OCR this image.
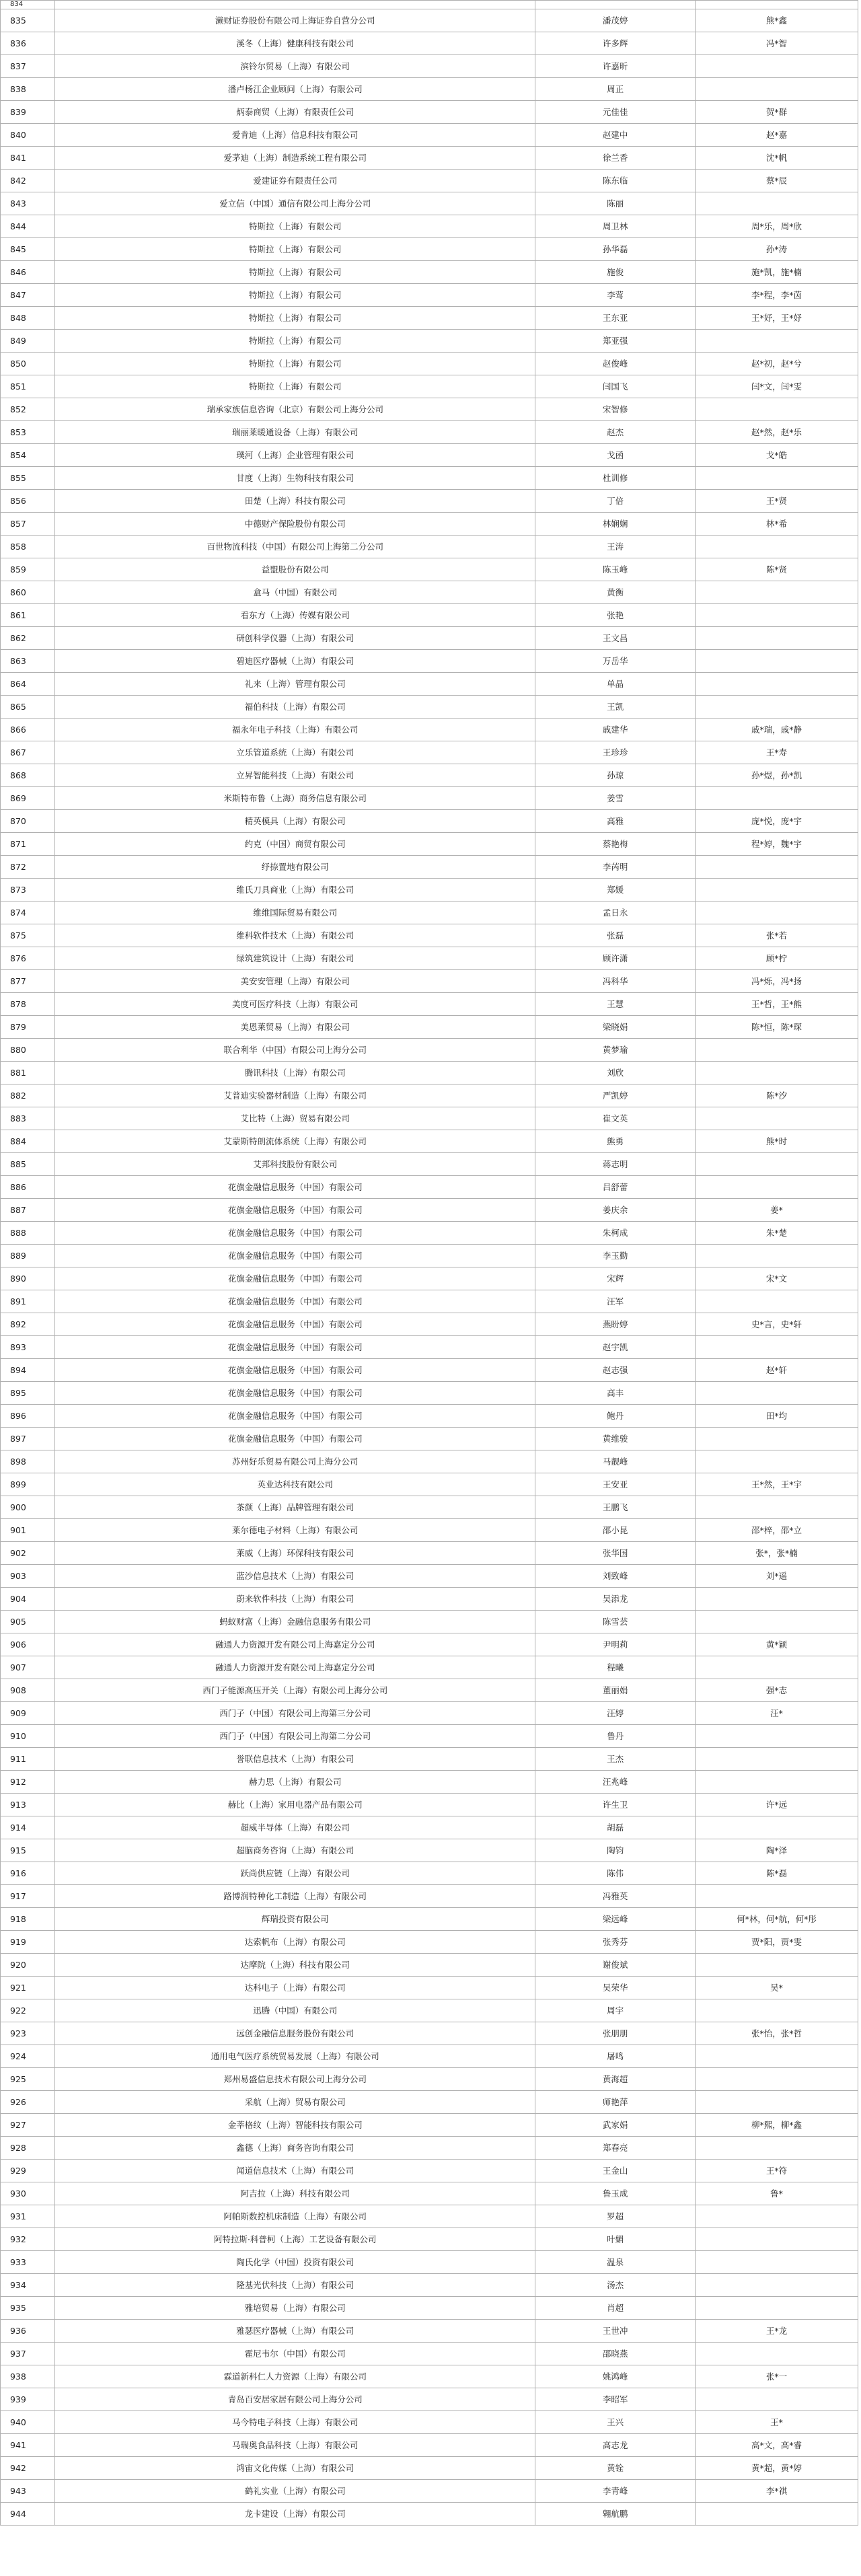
834			
835	濑财证券股份有限公司上海证券自营分公司	潘茂婷	熊*鑫
836	溪冬（上海）健康科技有限公司	许多辉	冯*智
837	滨铃尔贸易（上海）有限公司	许嘉昕	
838	潘卢杨江企业顾问（上海）有限公司	周正	
839	炳泰商贸（上海）有限责任公司	元佳佳	贺*群
840	爱肯迪（上海）信息科技有限公司	赵建中	赵*嘉
841	爱茅迪（上海）制造系统工程有限公司	徐兰香	沈*帆
842	爱建证券有限责任公司	陈东临	蔡*辰
843	爱立信（中国）通信有限公司上海分公司	陈丽	
844	特斯拉（上海）有限公司	周卫林	周*乐，周*欣
845	特斯拉（上海）有限公司	孙华磊	孙*涛
846	特斯拉（上海）有限公司	施俊	施*凯，施*楠
847	特斯拉（上海）有限公司	李莺	李*程，李*茵
848	特斯拉（上海）有限公司	王东亚	王*妤，王*妤
849	特斯拉（上海）有限公司	郑亚强	
850	特斯拉（上海）有限公司	赵俊峰	赵*初，赵*兮
851	特斯拉（上海）有限公司	闫国飞	闫*文，闫*雯
852	瑞承家族信息咨询（北京）有限公司上海分公司	宋智修	
853	瑞丽莱暖通设备（上海）有限公司	赵杰	赵*然，赵*乐
854	璞河（上海）企业管理有限公司	戈函	戈*皓
855	甘度（上海）生物科技有限公司	杜训修	
856	田楚（上海）科技有限公司	丁倍	王*贤
857	中德财产保险股份有限公司	林娴娴	林*希
858	百世物流科技（中国）有限公司上海第二分公司	王涛	
859	益盟股份有限公司	陈玉峰	陈*贤
860	盒马（中国）有限公司	黄衡	
861	看东方（上海）传媒有限公司	张艳	
862	研创科学仪器（上海）有限公司	王文昌	
863	碧迪医疗器械（上海）有限公司	万岳华	
864	礼来（上海）管理有限公司	单晶	
865	福伯科技（上海）有限公司	王凯	
866	福永年电子科技（上海）有限公司	戚建华	戚*瑞，戚*静
867	立乐管道系统（上海）有限公司	王珍珍	王*寿
868	立昇智能科技（上海）有限公司	孙琼	孙*煜，孙*凯
869	米斯特布鲁（上海）商务信息有限公司	姜雪	
870	精英模具（上海）有限公司	高雅	庞*悦，庞*宇
871	约克（中国）商贸有限公司	蔡艳梅	程*婷，魏*宇
872	纾捺置地有限公司	李芮明	
873	维氏刀具商业（上海）有限公司	郑媛	
874	维维国际贸易有限公司	孟日永	
875	维科软件技术（上海）有限公司	张磊	张*若
876	绿筑建筑设计（上海）有限公司	顾许潇	顾*柠
877	美安安管理（上海）有限公司	冯科华	冯*烁，冯*扬
878	美度可医疗科技（上海）有限公司	王慧	王*哲，王*熊
879	美恩莱贸易（上海）有限公司	梁晓娟	陈*恒，陈*琛
880	联合利华（中国）有限公司上海分公司	黄梦瑜	
881	腾讯科技（上海）有限公司	刘欣	
882	艾普迪实验器材制造（上海）有限公司	严凯婷	陈*汐
883	艾比特（上海）贸易有限公司	崔文英	
884	艾蒙斯特朗流体系统（上海）有限公司	熊勇	熊*时
885	艾邦科技股份有限公司	蒋志明	
886	花旗金融信息服务（中国）有限公司	吕舒蕾	
887	花旗金融信息服务（中国）有限公司	姜庆余	姜*
888	花旗金融信息服务（中国）有限公司	朱柯成	朱*楚
889	花旗金融信息服务（中国）有限公司	李玉勤	
890	花旗金融信息服务（中国）有限公司	宋辉	宋*文
891	花旗金融信息服务（中国）有限公司	汪军	
892	花旗金融信息服务（中国）有限公司	燕盼婷	史*言，史*轩
893	花旗金融信息服务（中国）有限公司	赵宇凯	
894	花旗金融信息服务（中国）有限公司	赵志强	赵*轩
895	花旗金融信息服务（中国）有限公司	高丰	
896	花旗金融信息服务（中国）有限公司	鲍丹	田*均
897	花旗金融信息服务（中国）有限公司	黄维骏	
898	苏州好乐贸易有限公司上海分公司	马靓峰	
899	英业达科技有限公司	王安亚	王*然，王*宇
900	茶颜（上海）品牌管理有限公司	王鹏飞	
901	莱尔德电子材料（上海）有限公司	邵小昆	邵*梓，邵*立
902	莱威（上海）环保科技有限公司	张华国	张*，张*楠
903	蓝沙信息技术（上海）有限公司	刘致峰	刘*遥
904	蔚来软件科技（上海）有限公司	吴添龙	
905	蚂蚁财富（上海）金融信息服务有限公司	陈雪芸	
906	融通人力资源开发有限公司上海嘉定分公司	尹明莉	黄*颖
907	融通人力资源开发有限公司上海嘉定分公司	程曦	
908	西门子能源高压开关（上海）有限公司上海分公司	董丽娟	强*志
909	西门子（中国）有限公司上海第三分公司	汪婷	汪*
910	西门子（中国）有限公司上海第二分公司	鲁丹	
911	誉联信息技术（上海）有限公司	王杰	
912	赫力思（上海）有限公司	汪兆峰	
913	赫比（上海）家用电器产品有限公司	许生卫	许*远
914	超威半导体（上海）有限公司	胡磊	
915	超脑商务咨询（上海）有限公司	陶钧	陶*泽
916	跃尚供应链（上海）有限公司	陈伟	陈*磊
917	路博润特种化工制造（上海）有限公司	冯雅英	
918	辉瑞投资有限公司	梁远峰	何*林，何*航，何*彤
919	达索帆布（上海）有限公司	张秀芬	贾*阳，贾*雯
920	达摩院（上海）科技有限公司	谢俊斌	
921	达科电子（上海）有限公司	吴荣华	吴*
922	迅腾（中国）有限公司	周宇	
923	远创金融信息服务股份有限公司	张朋朋	张*怡，张*哲
924	通用电气医疗系统贸易发展（上海）有限公司	屠鸣	
925	郑州易盛信息技术有限公司上海分公司	黄海超	
926	采航（上海）贸易有限公司	师艳萍	
927	金莘格纹（上海）智能科技有限公司	武家娟	柳*熙，柳*鑫
928	鑫德（上海）商务咨询有限公司	郑春亮	
929	闻道信息技术（上海）有限公司	王金山	王*符
930	阿吉拉（上海）科技有限公司	鲁玉成	鲁*
931	阿帕斯数控机床制造（上海）有限公司	罗超	
932	阿特拉斯·科普柯（上海）工艺设备有限公司	叶媚	
933	陶氏化学（中国）投资有限公司	温泉	
934	隆基光伏科技（上海）有限公司	汤杰	
935	雅培贸易（上海）有限公司	肖超	
936	雅瑟医疗器械（上海）有限公司	王世冲	王*龙
937	霍尼韦尔（中国）有限公司	邵晓燕	
938	霖道新科仁人力资源（上海）有限公司	姚鸿峰	张*一
939	青岛百安居家居有限公司上海分公司	李昭军	
940	马今特电子科技（上海）有限公司	王兴	王*
941	马瑞奥食品科技（上海）有限公司	高志龙	高*文，高*睿
942	鸿宙文化传媒（上海）有限公司	黄铨	黄*超，黄*婷
943	鹤礼实业（上海）有限公司	李青峰	李*祺
944	龙卡建设（上海）有限公司	翱航鹏	
